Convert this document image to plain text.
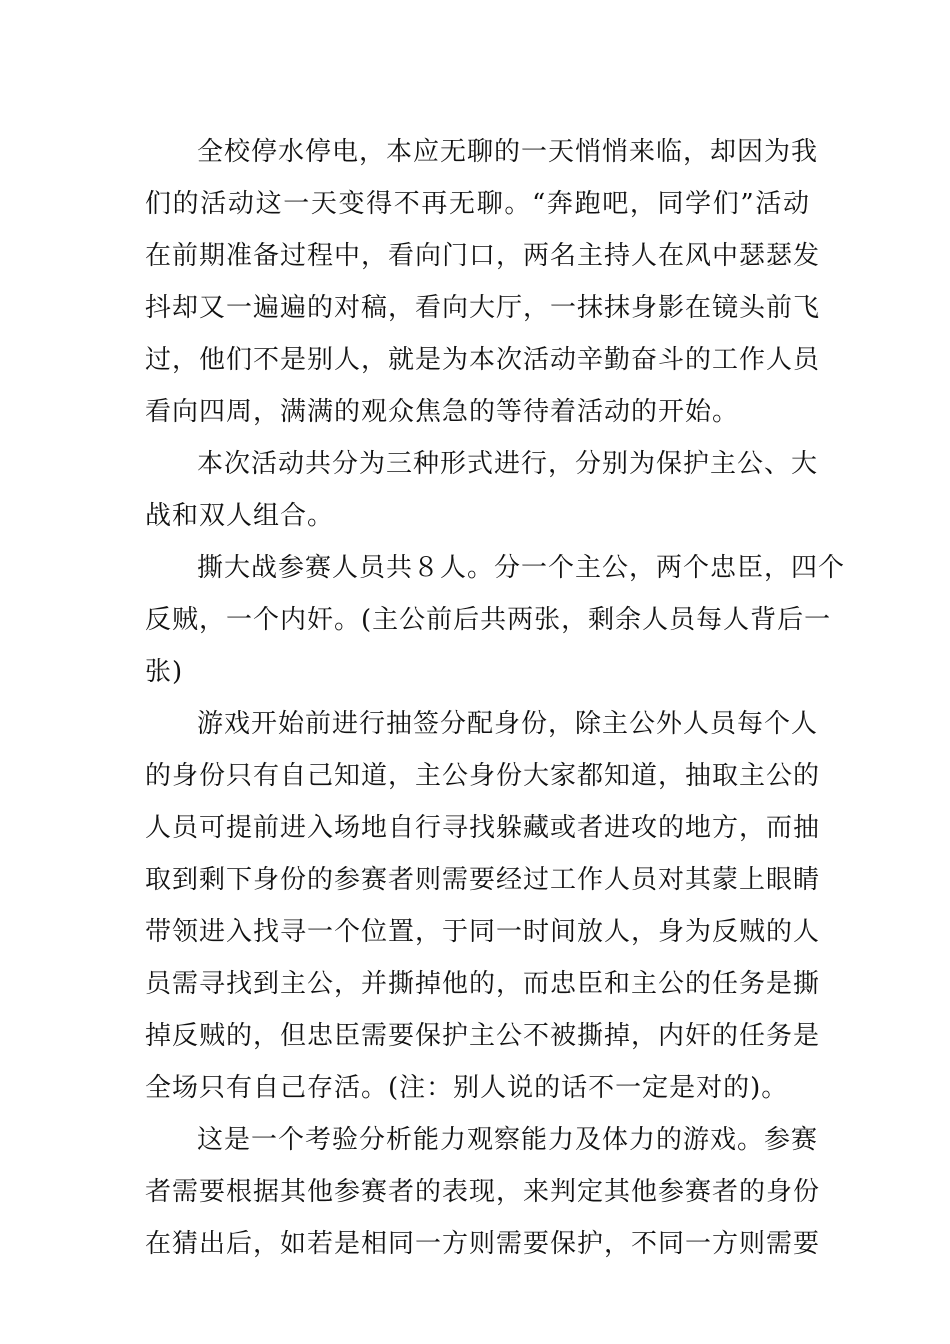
全校停水停电，本应无聊的一天悄悄来临，却因为我
们的活动这一天变得不再无聊。“奔跑吧，同学们”活动
在前期准备过程中，看向门口，两名主持人在风中瑟瑟发
抖却又一遍遍的对稿，看向大厅，一抹抹身影在镜头前飞
过，他们不是别人，就是为本次活动辛勤奋斗的工作人员
看向四周，满满的观众焦急的等待着活动的开始。
本次活动共分为三种形式进行，分别为保护主公、大
战和双人组合。
撕大战参赛人员共８人。分一个主公，两个忠臣，四个
反贼，一个内奸。(主公前后共两张，剩余人员每人背后一
张)
游戏开始前进行抽签分配身份，除主公外人员每个人
的身份只有自己知道，主公身份大家都知道，抽取主公的
人员可提前进入场地自行寻找躲藏或者进攻的地方，而抽
取到剩下身份的参赛者则需要经过工作人员对其蒙上眼睛
带领进入找寻一个位置，于同一时间放人，身为反贼的人
员需寻找到主公，并撕掉他的，而忠臣和主公的任务是撕
掉反贼的，但忠臣需要保护主公不被撕掉，内奸的任务是
全场只有自己存活。(注：别人说的话不一定是对的)。
这是一个考验分析能力观察能力及体力的游戏。参赛
者需要根据其他参赛者的表现，来判定其他参赛者的身份
在猜出后，如若是相同一方则需要保护，不同一方则需要
